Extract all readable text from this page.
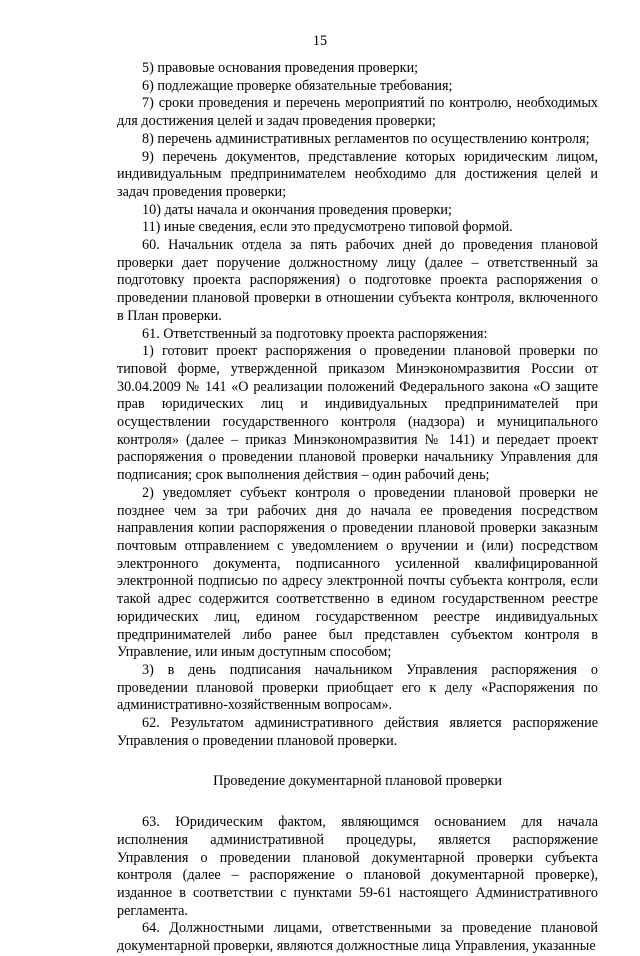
15

5) правовые основания проведения проверки;

6) подлежащие проверке обязательные требования;

7) сроки проведения и перечень мероприятий по контролю, необходимых для достижения целей и задач проведения проверки;

8) перечень административных регламентов по осуществлению контроля;

9) перечень документов, представление которых юридическим лицом, индивидуальным предпринимателем необходимо для достижения целей и задач проведения проверки;

10) даты начала и окончания проведения проверки;

11) иные сведения, если это предусмотрено типовой формой.

60. Начальник отдела за пять рабочих дней до проведения плановой проверки дает поручение должностному лицу (далее – ответственный за подготовку проекта распоряжения) о подготовке проекта распоряжения о проведении плановой проверки в отношении субъекта контроля, включенного в План проверки.

61. Ответственный за подготовку проекта распоряжения:

1) готовит проект распоряжения о проведении плановой проверки по типовой форме, утвержденной приказом Минэкономразвития России от 30.04.2009 № 141 «О реализации положений Федерального закона «О защите прав юридических лиц и индивидуальных предпринимателей при осуществлении государственного контроля (надзора) и муниципального контроля» (далее – приказ Минэкономразвития № 141) и передает проект распоряжения о проведении плановой проверки начальнику Управления для подписания; срок выполнения действия – один рабочий день;

2) уведомляет субъект контроля о проведении плановой проверки не позднее чем за три рабочих дня до начала ее проведения посредством направления копии распоряжения о проведении плановой проверки заказным почтовым отправлением с уведомлением о вручении и (или) посредством электронного документа, подписанного усиленной квалифицированной электронной подписью по адресу электронной почты субъекта контроля, если такой адрес содержится соответственно в едином государственном реестре юридических лиц, едином государственном реестре индивидуальных предпринимателей либо ранее был представлен субъектом контроля в Управление, или иным доступным способом;

3) в день подписания начальником Управления распоряжения о проведении плановой проверки приобщает его к делу «Распоряжения по административно-хозяйственным вопросам».

62. Результатом административного действия является распоряжение Управления о проведении плановой проверки.

Проведение документарной плановой проверки

63. Юридическим фактом, являющимся основанием для начала исполнения административной процедуры, является распоряжение Управления о проведении плановой документарной проверки субъекта контроля (далее – распоряжение о плановой документарной проверке), изданное в соответствии с пунктами 59-61 настоящего Административного регламента.

64. Должностными лицами, ответственными за проведение плановой документарной проверки, являются должностные лица Управления, указанные
